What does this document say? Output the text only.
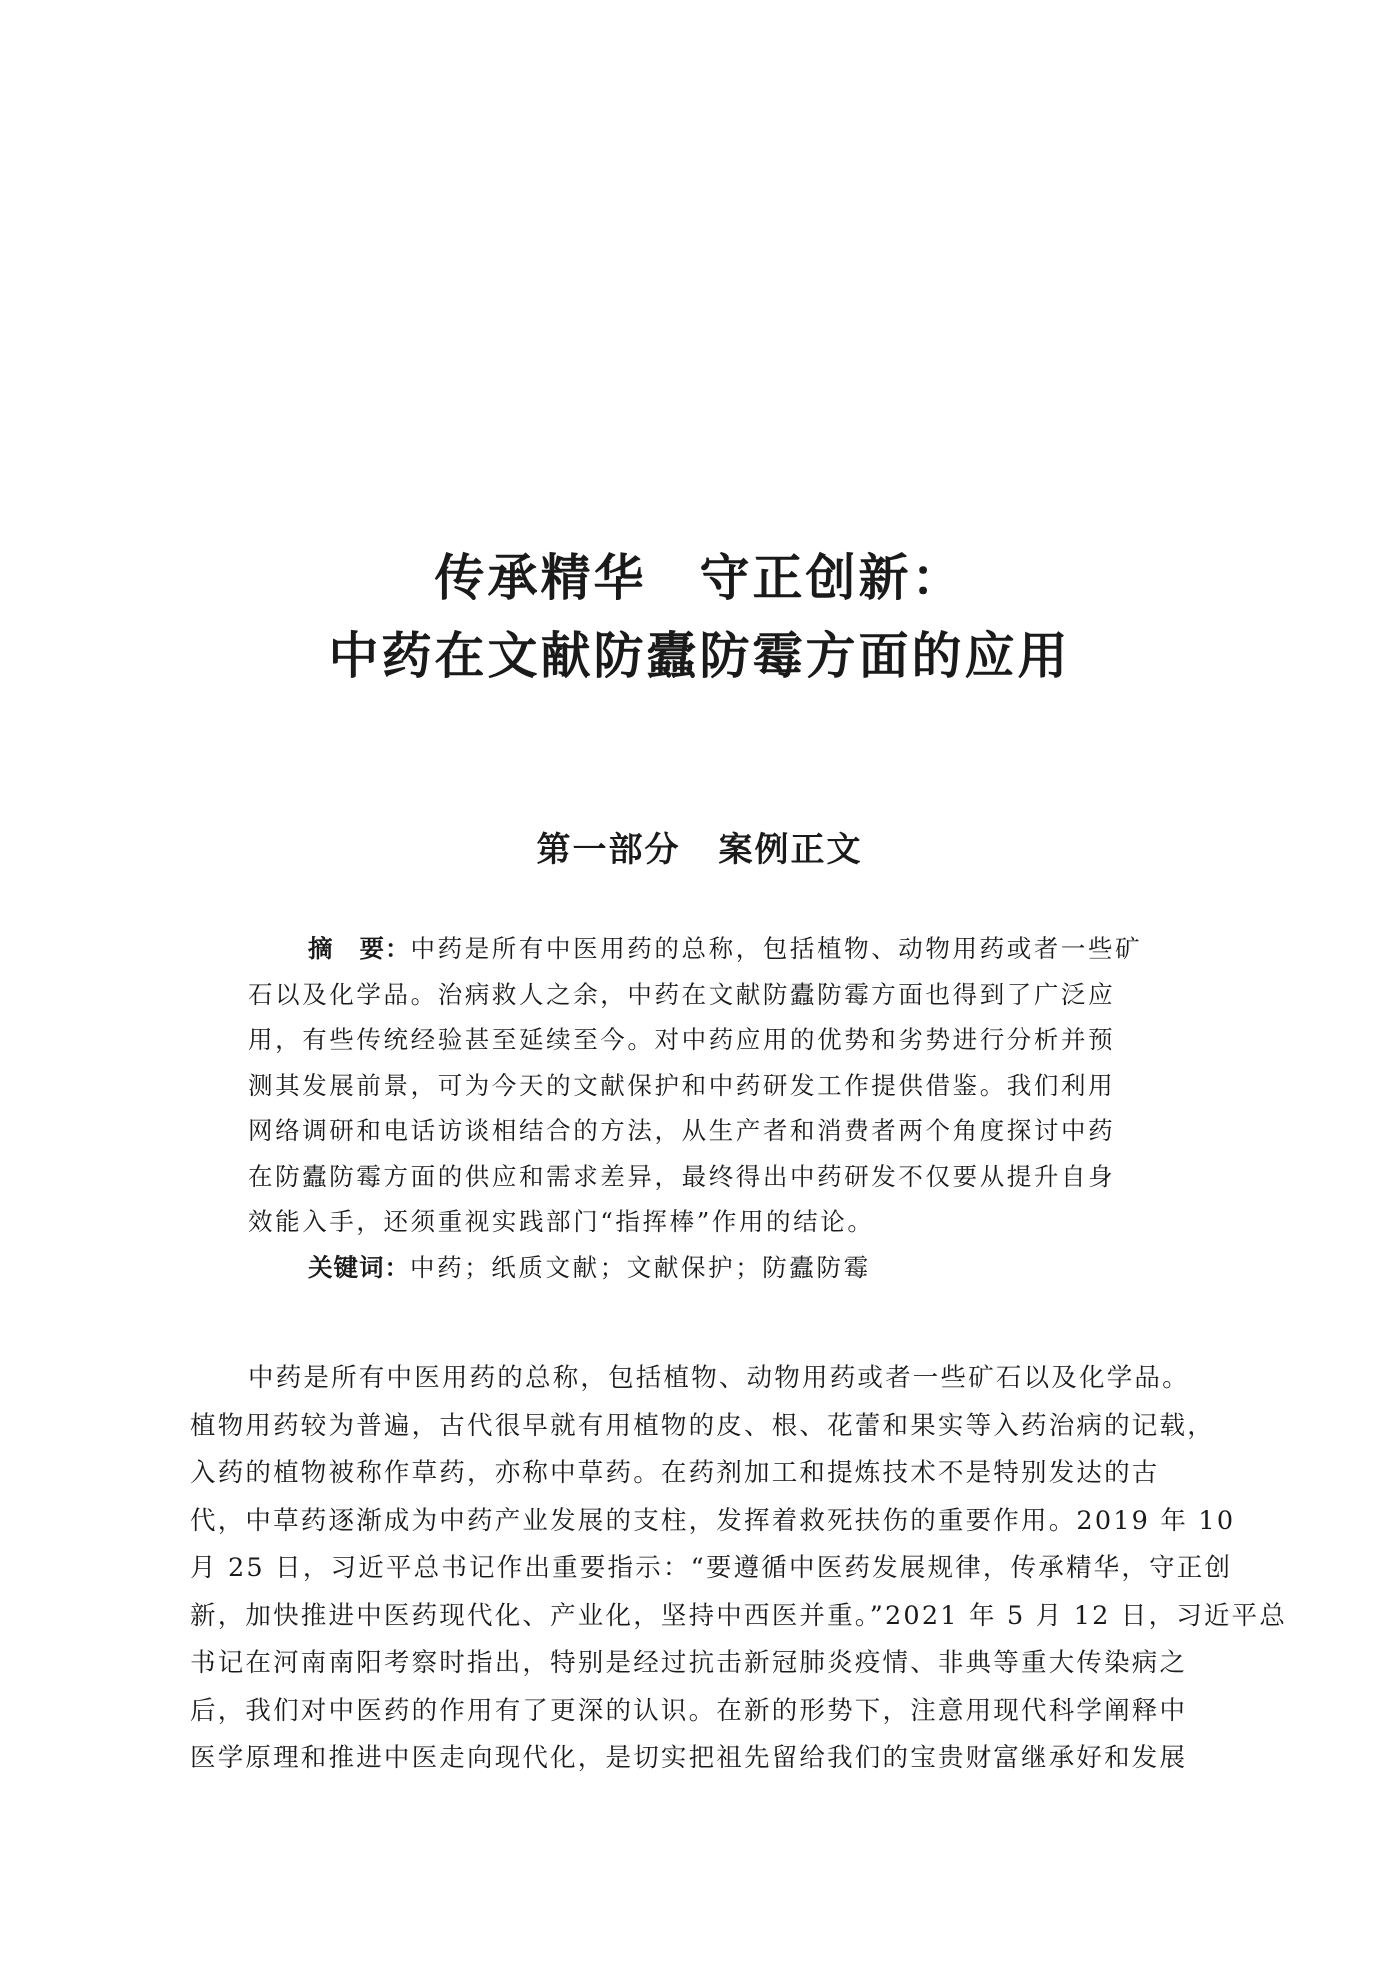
传承精华　守正创新：
中药在文献防蠹防霉方面的应用
第一部分 案例正文
摘 要：中药是所有中医用药的总称，包括植物、动物用药或者一些矿
石以及化学品。治病救人之余，中药在文献防蠹防霉方面也得到了广泛应
用，有些传统经验甚至延续至今。对中药应用的优势和劣势进行分析并预
测其发展前景，可为今天的文献保护和中药研发工作提供借鉴。我们利用
网络调研和电话访谈相结合的方法，从生产者和消费者两个角度探讨中药
在防蠹防霉方面的供应和需求差异，最终得出中药研发不仅要从提升自身
效能入手，还须重视实践部门“指挥棒”作用的结论。
关键词：中药；纸质文献；文献保护；防蠹防霉
中药是所有中医用药的总称，包括植物、动物用药或者一些矿石以及化学品。
植物用药较为普遍，古代很早就有用植物的皮、根、花蕾和果实等入药治病的记载，
入药的植物被称作草药，亦称中草药。在药剂加工和提炼技术不是特别发达的古
代，中草药逐渐成为中药产业发展的支柱，发挥着救死扶伤的重要作用。2019 年 10
月 25 日，习近平总书记作出重要指示：“要遵循中医药发展规律，传承精华，守正创
新，加快推进中医药现代化、产业化，坚持中西医并重。”2021 年 5 月 12 日，习近平总
书记在河南南阳考察时指出，特别是经过抗击新冠肺炎疫情、非典等重大传染病之
后，我们对中医药的作用有了更深的认识。在新的形势下，注意用现代科学阐释中
医学原理和推进中医走向现代化，是切实把祖先留给我们的宝贵财富继承好和发展
